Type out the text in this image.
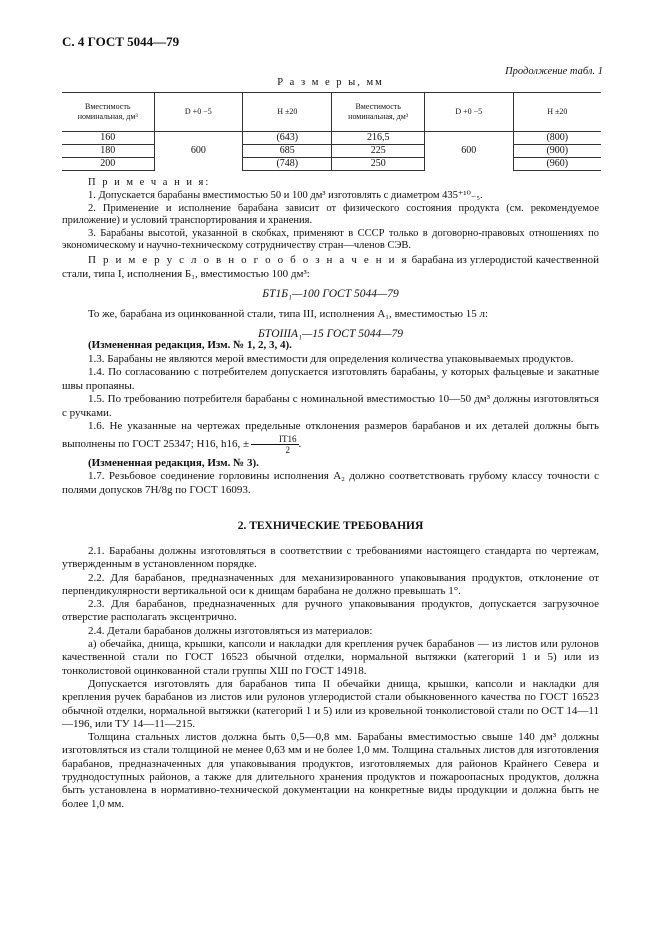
С. 4 ГОСТ 5044—79
Продолжение табл. 1
Р а з м е р ы, мм
Вместимость номинальная, дм³	D +0 −5	H ±20	Вместимость номинальная, дм³	D +0 −5	H ±20
160	600	(643)	216,5	600	(800)
180		685	225		(900)
200		(748)	250		(960)
П р и м е ч а н и я:
1. Допускается барабаны вместимостью 50 и 100 дм³ изготовлять с диаметром 435⁺¹⁰₋₅.
2. Применение и исполнение барабана зависит от физического состояния продукта (см. рекомендуемое приложение) и условий транспортирования и хранения.
3. Барабаны высотой, указанной в скобках, применяют в СССР только в договорно-правовых отношениях по экономическому и научно-техническому сотрудничеству стран—членов СЭВ.
П р и м е р у с л о в н о г о о б о з н а ч е н и я барабана из углеродистой качественной стали, типа I, исполнения Б₁, вместимостью 100 дм³:
БТ1Б₁—100 ГОСТ 5044—79
То же, барабана из оцинкованной стали, типа III, исполнения А₁, вместимостью 15 л:
БТОIIIА₁—15 ГОСТ 5044—79
(Измененная редакция, Изм. № 1, 2, 3, 4).
1.3. Барабаны не являются мерой вместимости для определения количества упаковываемых продуктов.
1.4. По согласованию с потребителем допускается изготовлять барабаны, у которых фальцевые и закатные швы пропаяны.
1.5. По требованию потребителя барабаны с номинальной вместимостью 10—50 дм³ должны изготовляться с ручками.
1.6. Не указанные на чертежах предельные отклонения размеров барабанов и их деталей должны быть выполнены по ГОСТ 25347; H16, h16, ± $\frac{IT16}{2}$ .
(Измененная редакция, Изм. № 3).
1.7. Резьбовое соединение горловины исполнения А₂ должно соответствовать грубому классу точности с полями допусков 7Н/8g по ГОСТ 16093.
2. ТЕХНИЧЕСКИЕ ТРЕБОВАНИЯ
2.1. Барабаны должны изготовляться в соответствии с требованиями настоящего стандарта по чертежам, утвержденным в установленном порядке.
2.2. Для барабанов, предназначенных для механизированного упаковывания продуктов, отклонение от перпендикулярности вертикальной оси к днищам барабана не должно превышать 1°.
2.3. Для барабанов, предназначенных для ручного упаковывания продуктов, допускается загрузочное отверстие располагать эксцентрично.
2.4. Детали барабанов должны изготовляться из материалов:
а) обечайка, днища, крышки, капсоли и накладки для крепления ручек барабанов — из листов или рулонов качественной стали по ГОСТ 16523 обычной отделки, нормальной вытяжки (категорий 1 и 5) или из тонколистовой оцинкованной стали группы ХШ по ГОСТ 14918.
Допускается изготовлять для барабанов типа II обечайки днища, крышки, капсоли и накладки для крепления ручек барабанов из листов или рулонов углеродистой стали обыкновенного качества по ГОСТ 16523 обычной отделки, нормальной вытяжки (категорий 1 и 5) или из кровельной тонколистовой стали по ОСТ 14—11—196, или ТУ 14—11—215.
Толщина стальных листов должна быть 0,5—0,8 мм. Барабаны вместимостью свыше 140 дм³ должны изготовляться из стали толщиной не менее 0,63 мм и не более 1,0 мм. Толщина стальных листов для изготовления барабанов, предназначенных для упаковывания продуктов, изготовляемых для районов Крайнего Севера и труднодоступных районов, а также для длительного хранения продуктов и пожароопасных продуктов, должна быть установлена в нормативно-технической документации на конкретные виды продукции и должна быть не более 1,0 мм.
